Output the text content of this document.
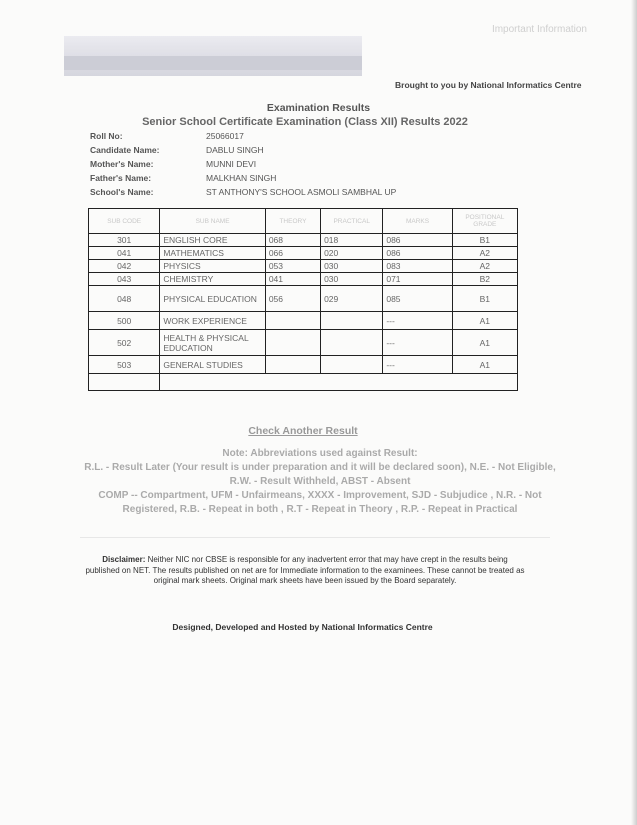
Important Information
Brought to you by National Informatics Centre
Examination Results
Senior School Certificate Examination (Class XII) Results 2022
Roll No:	25066017
Candidate Name:	DABLU SINGH
Mother's Name:	MUNNI DEVI
Father's Name:	MALKHAN SINGH
School's Name:	ST ANTHONY'S SCHOOL ASMOLI SAMBHAL UP
SUB CODE	SUB NAME	THEORY	PRACTICAL	MARKS	POSITIONAL GRADE
301	ENGLISH CORE	068	018	086	B1
041	MATHEMATICS	066	020	086	A2
042	PHYSICS	053	030	083	A2
043	CHEMISTRY	041	030	071	B2
048	PHYSICAL EDUCATION	056	029	085	B1
500	WORK EXPERIENCE			---	A1
502	HEALTH & PHYSICAL EDUCATION			---	A1
503	GENERAL STUDIES			---	A1

Check Another Result
Note: Abbreviations used against Result:
R.L. - Result Later (Your result is under preparation and it will be declared soon), N.E. - Not Eligible,
R.W. - Result Withheld, ABST - Absent
COMP -- Compartment, UFM - Unfairmeans, XXXX - Improvement, SJD - Subjudice , N.R. - Not
Registered, R.B. - Repeat in both , R.T - Repeat in Theory , R.P. - Repeat in Practical
Disclaimer: Neither NIC nor CBSE is responsible for any inadvertent error that may have crept in the results being published on NET. The results published on net are for Immediate information to the examinees. These cannot be treated as original mark sheets. Original mark sheets have been issued by the Board separately.
Designed, Developed and Hosted by National Informatics Centre
